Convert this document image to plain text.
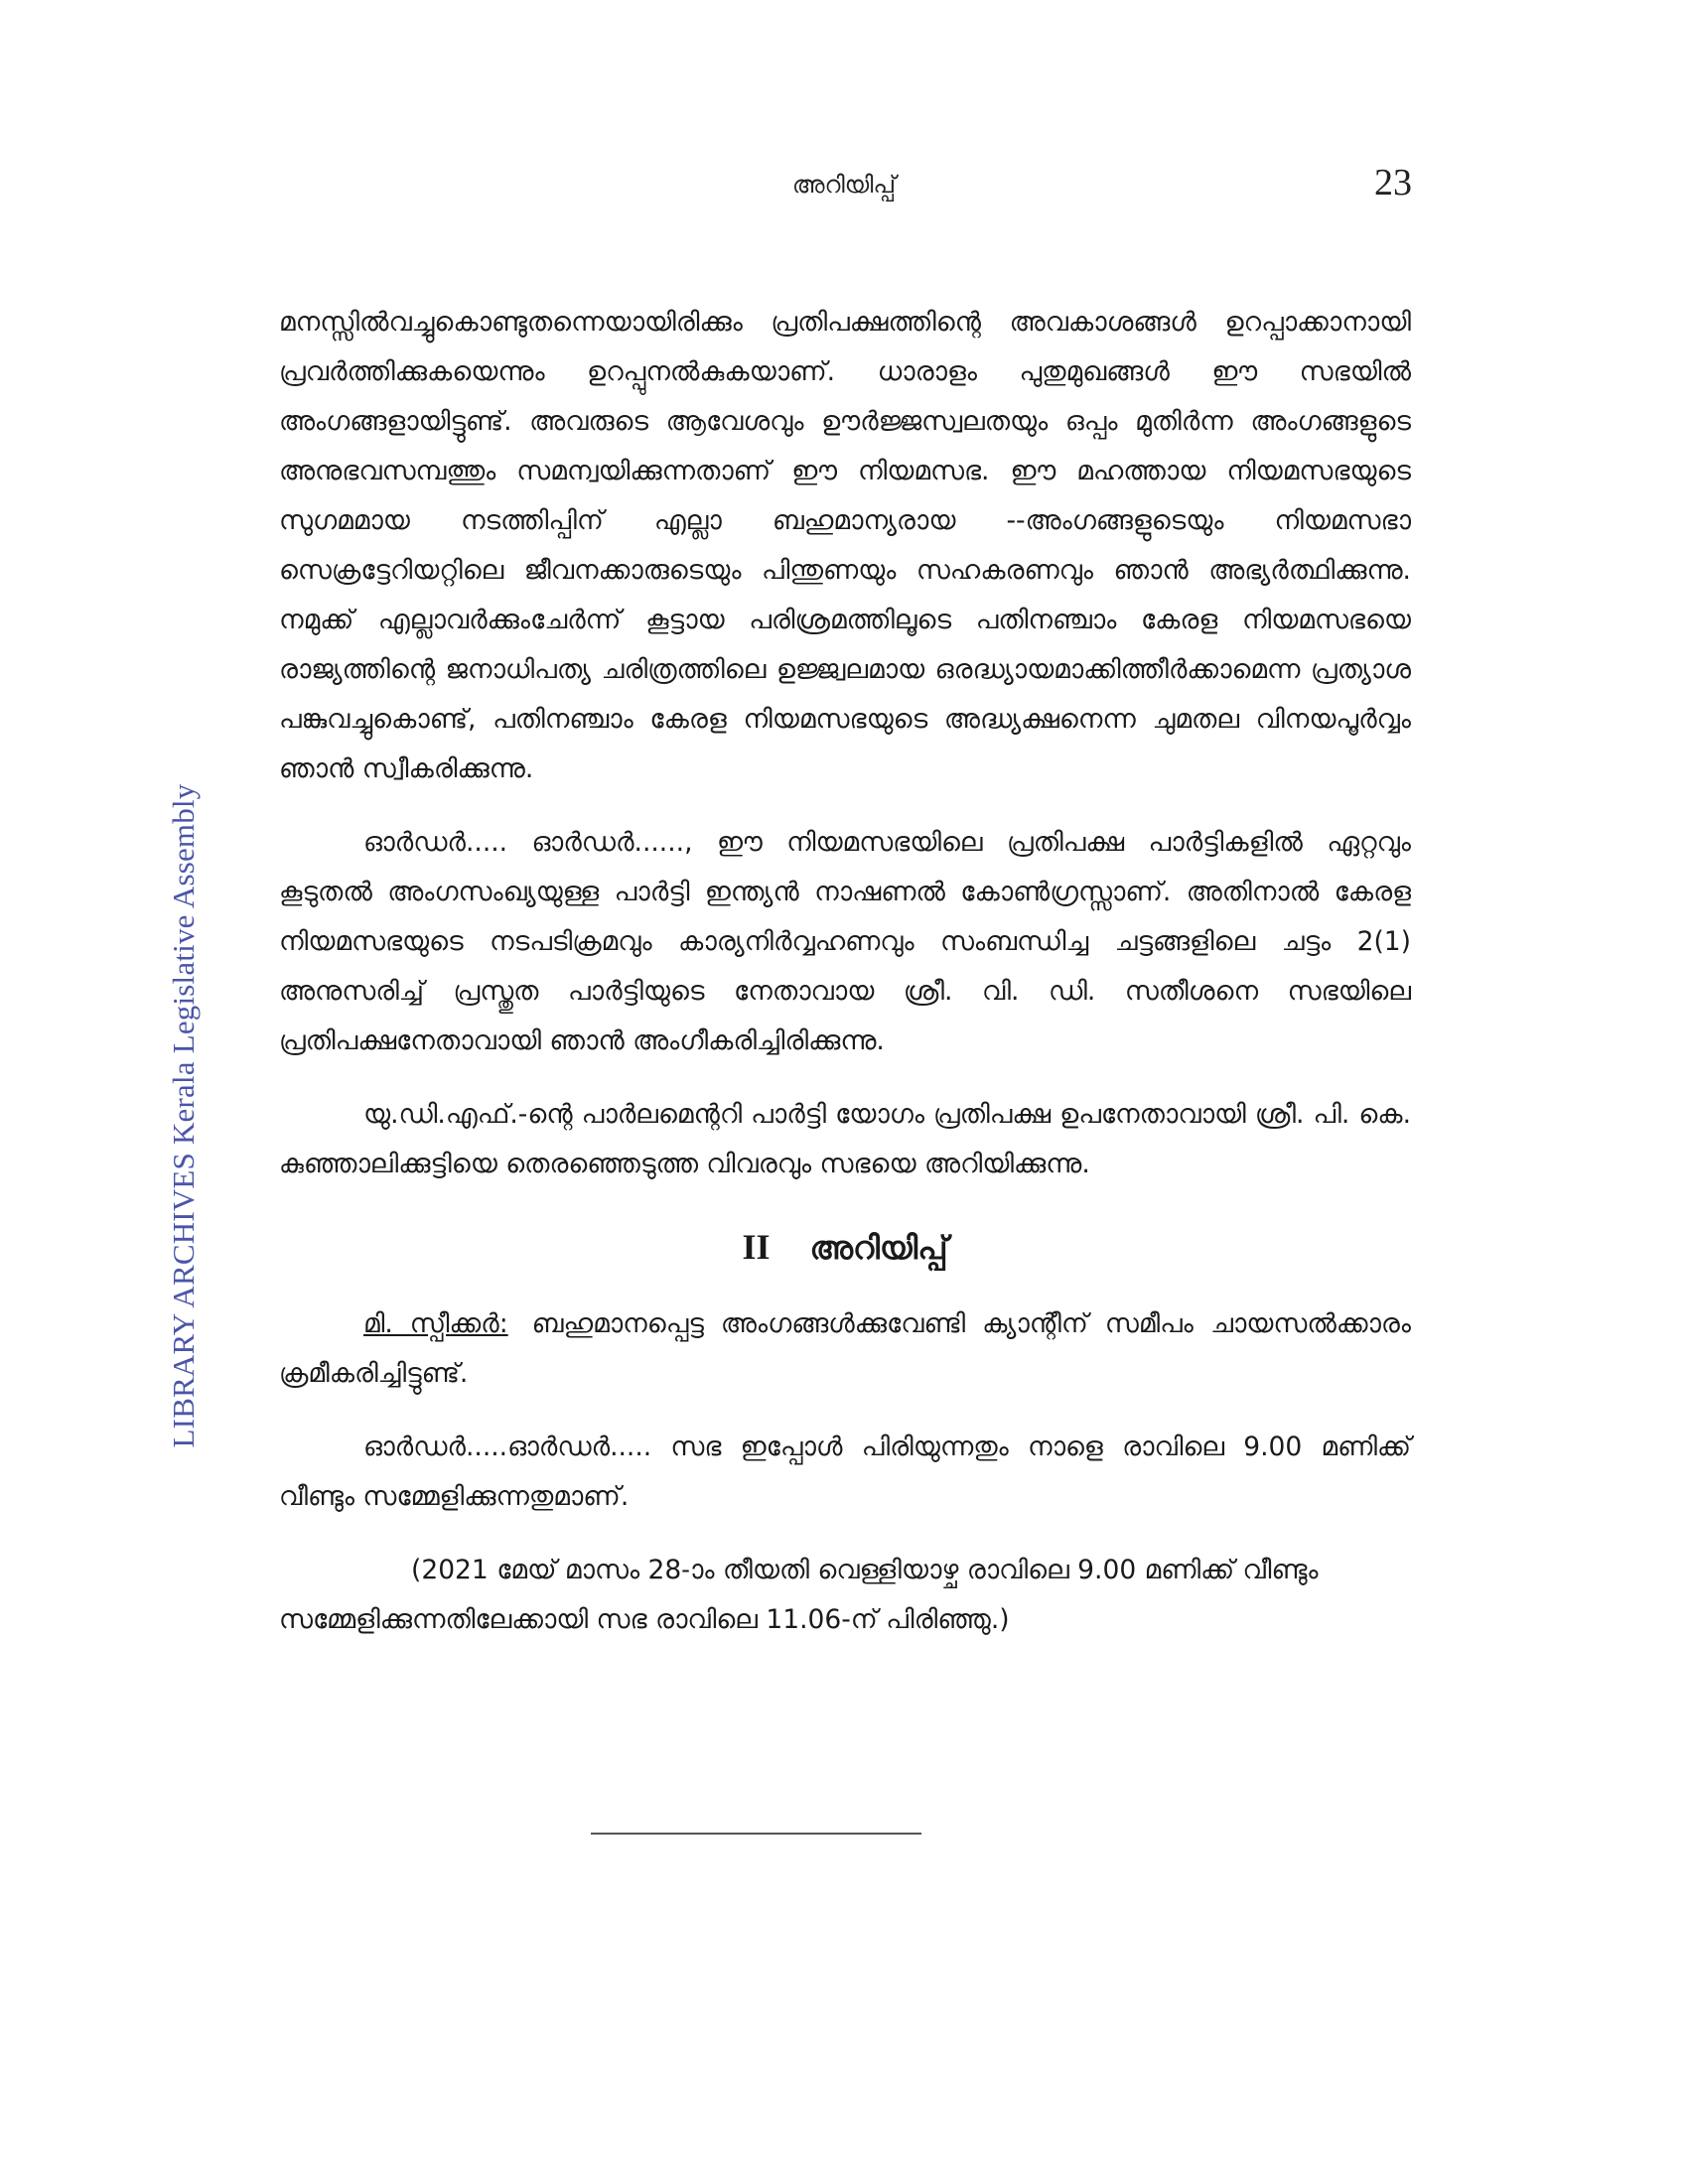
LIBRARY ARCHIVES Kerala Legislative Assembly
അറിയിപ്പ്	23

മനസ്സിൽവച്ചുകൊണ്ടുതന്നെയായിരിക്കും പ്രതിപക്ഷത്തിന്റെ അവകാശങ്ങൾ ഉറപ്പാക്കാനായി പ്രവർത്തിക്കുകയെന്നും ഉറപ്പുനൽകുകയാണ്. ധാരാളം പുതുമുഖങ്ങൾ ഈ സഭയിൽ അംഗങ്ങളായിട്ടുണ്ട്. അവരുടെ ആവേശവും ഊർജ്ജസ്വലതയും ഒപ്പം മുതിർന്ന അംഗങ്ങളുടെ അനുഭവസമ്പത്തും സമന്വയിക്കുന്നതാണ് ഈ നിയമസഭ. ഈ മഹത്തായ നിയമസഭയുടെ സുഗമമായ നടത്തിപ്പിന് എല്ലാ ബഹുമാന്യരായ --അംഗങ്ങളുടെയും നിയമസഭാ സെക്രട്ടേറിയറ്റിലെ ജീവനക്കാരുടെയും പിന്തുണയും സഹകരണവും ഞാൻ അഭ്യർത്ഥിക്കുന്നു. നമുക്ക് എല്ലാവർക്കുംചേർന്ന് കൂട്ടായ പരിശ്രമത്തിലൂടെ പതിനഞ്ചാം കേരള നിയമസഭയെ രാജ്യത്തിന്റെ ജനാധിപത്യ ചരിത്രത്തിലെ ഉജ്ജ്വലമായ ഒരദ്ധ്യായമാക്കിത്തീർക്കാമെന്ന പ്രത്യാശ പങ്കുവച്ചുകൊണ്ട്, പതിനഞ്ചാം കേരള നിയമസഭയുടെ അദ്ധ്യക്ഷനെന്ന ചുമതല വിനയപൂർവ്വം ഞാൻ സ്വീകരിക്കുന്നു.

ഓർഡർ..... ഓർഡർ......, ഈ നിയമസഭയിലെ പ്രതിപക്ഷ പാർട്ടികളിൽ ഏറ്റവും കൂടുതൽ അംഗസംഖ്യയുള്ള പാർട്ടി ഇന്ത്യൻ നാഷണൽ കോൺഗ്രസ്സാണ്. അതിനാൽ കേരള നിയമസഭയുടെ നടപടിക്രമവും കാര്യനിർവ്വഹണവും സംബന്ധിച്ച ചട്ടങ്ങളിലെ ചട്ടം 2(1) അനുസരിച്ച് പ്രസ്തുത പാർട്ടിയുടെ നേതാവായ ശ്രീ. വി. ഡി. സതീശനെ സഭയിലെ പ്രതിപക്ഷനേതാവായി ഞാൻ അംഗീകരിച്ചിരിക്കുന്നു.

യു.ഡി.എഫ്.-ന്റെ പാർലമെന്ററി പാർട്ടി യോഗം പ്രതിപക്ഷ ഉപനേതാവായി ശ്രീ. പി. കെ. കുഞ്ഞാലിക്കുട്ടിയെ തെരഞ്ഞെടുത്ത വിവരവും സഭയെ അറിയിക്കുന്നു.

II അറിയിപ്പ്

മി. സ്പീക്കർ: ബഹുമാനപ്പെട്ട അംഗങ്ങൾക്കുവേണ്ടി ക്യാന്റീന് സമീപം ചായസൽക്കാരം ക്രമീകരിച്ചിട്ടുണ്ട്.

ഓർഡർ.....ഓർഡർ..... സഭ ഇപ്പോൾ പിരിയുന്നതും നാളെ രാവിലെ 9.00 മണിക്ക് വീണ്ടും സമ്മേളിക്കുന്നതുമാണ്.

(2021 മേയ് മാസം 28-ാം തീയതി വെള്ളിയാഴ്ച രാവിലെ 9.00 മണിക്ക് വീണ്ടും സമ്മേളിക്കുന്നതിലേക്കായി സഭ രാവിലെ 11.06-ന് പിരിഞ്ഞു.)
